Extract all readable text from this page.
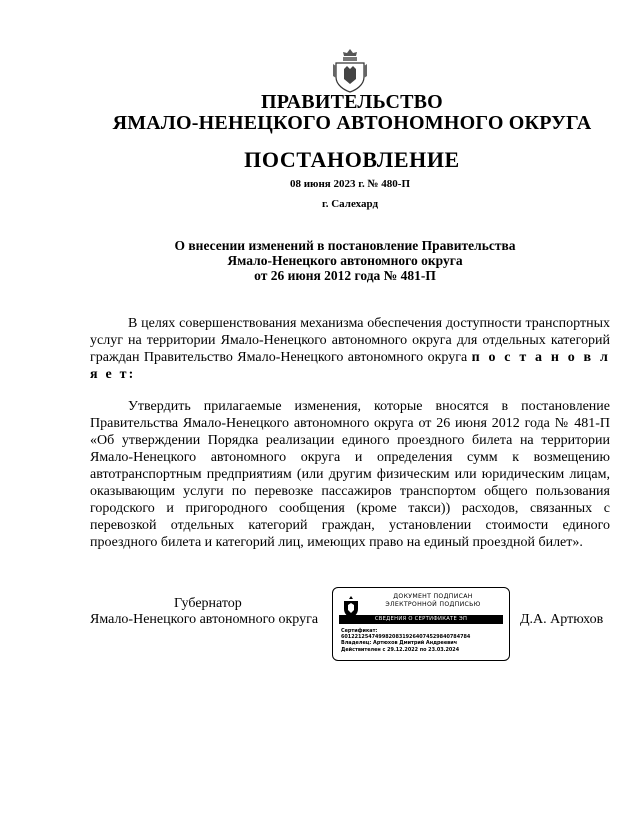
ПРАВИТЕЛЬСТВО
ЯМАЛО-НЕНЕЦКОГО АВТОНОМНОГО ОКРУГА
ПОСТАНОВЛЕНИЕ
08 июня 2023 г. № 480-П
г. Салехард
О внесении изменений в постановление Правительства
Ямало-Ненецкого автономного округа
от 26 июня 2012 года № 481-П
В целях совершенствования механизма обеспечения доступности транспортных услуг на территории Ямало-Ненецкого автономного округа для отдельных категорий граждан Правительство Ямало-Ненецкого автономного округа п о с т а н о в л я е т:
Утвердить прилагаемые изменения, которые вносятся в постановление Правительства Ямало-Ненецкого автономного округа от 26 июня 2012 года № 481-П «Об утверждении Порядка реализации единого проездного билета на территории Ямало-Ненецкого автономного округа и определения сумм к возмещению автотранспортным предприятиям (или другим физическим или юридическим лицам, оказывающим услуги по перевозке пассажиров транспортом общего пользования городского и пригородного сообщения (кроме такси)) расходов, связанных с перевозкой отдельных категорий граждан, установлении стоимости единого проездного билета и категорий лиц, имеющих право на единый проездной билет».
Губернатор
Ямало-Ненецкого автономного округа
ДОКУМЕНТ ПОДПИСАН
ЭЛЕКТРОННОЙ ПОДПИСЬЮ
СВЕДЕНИЯ О СЕРТИФИКАТЕ ЭП
Сертификат:
60122125474998208319264074529840784784
Владелец: Артюхов Дмитрий Андреевич
Действителен с 29.12.2022 по 23.03.2024
Д.А. Артюхов
